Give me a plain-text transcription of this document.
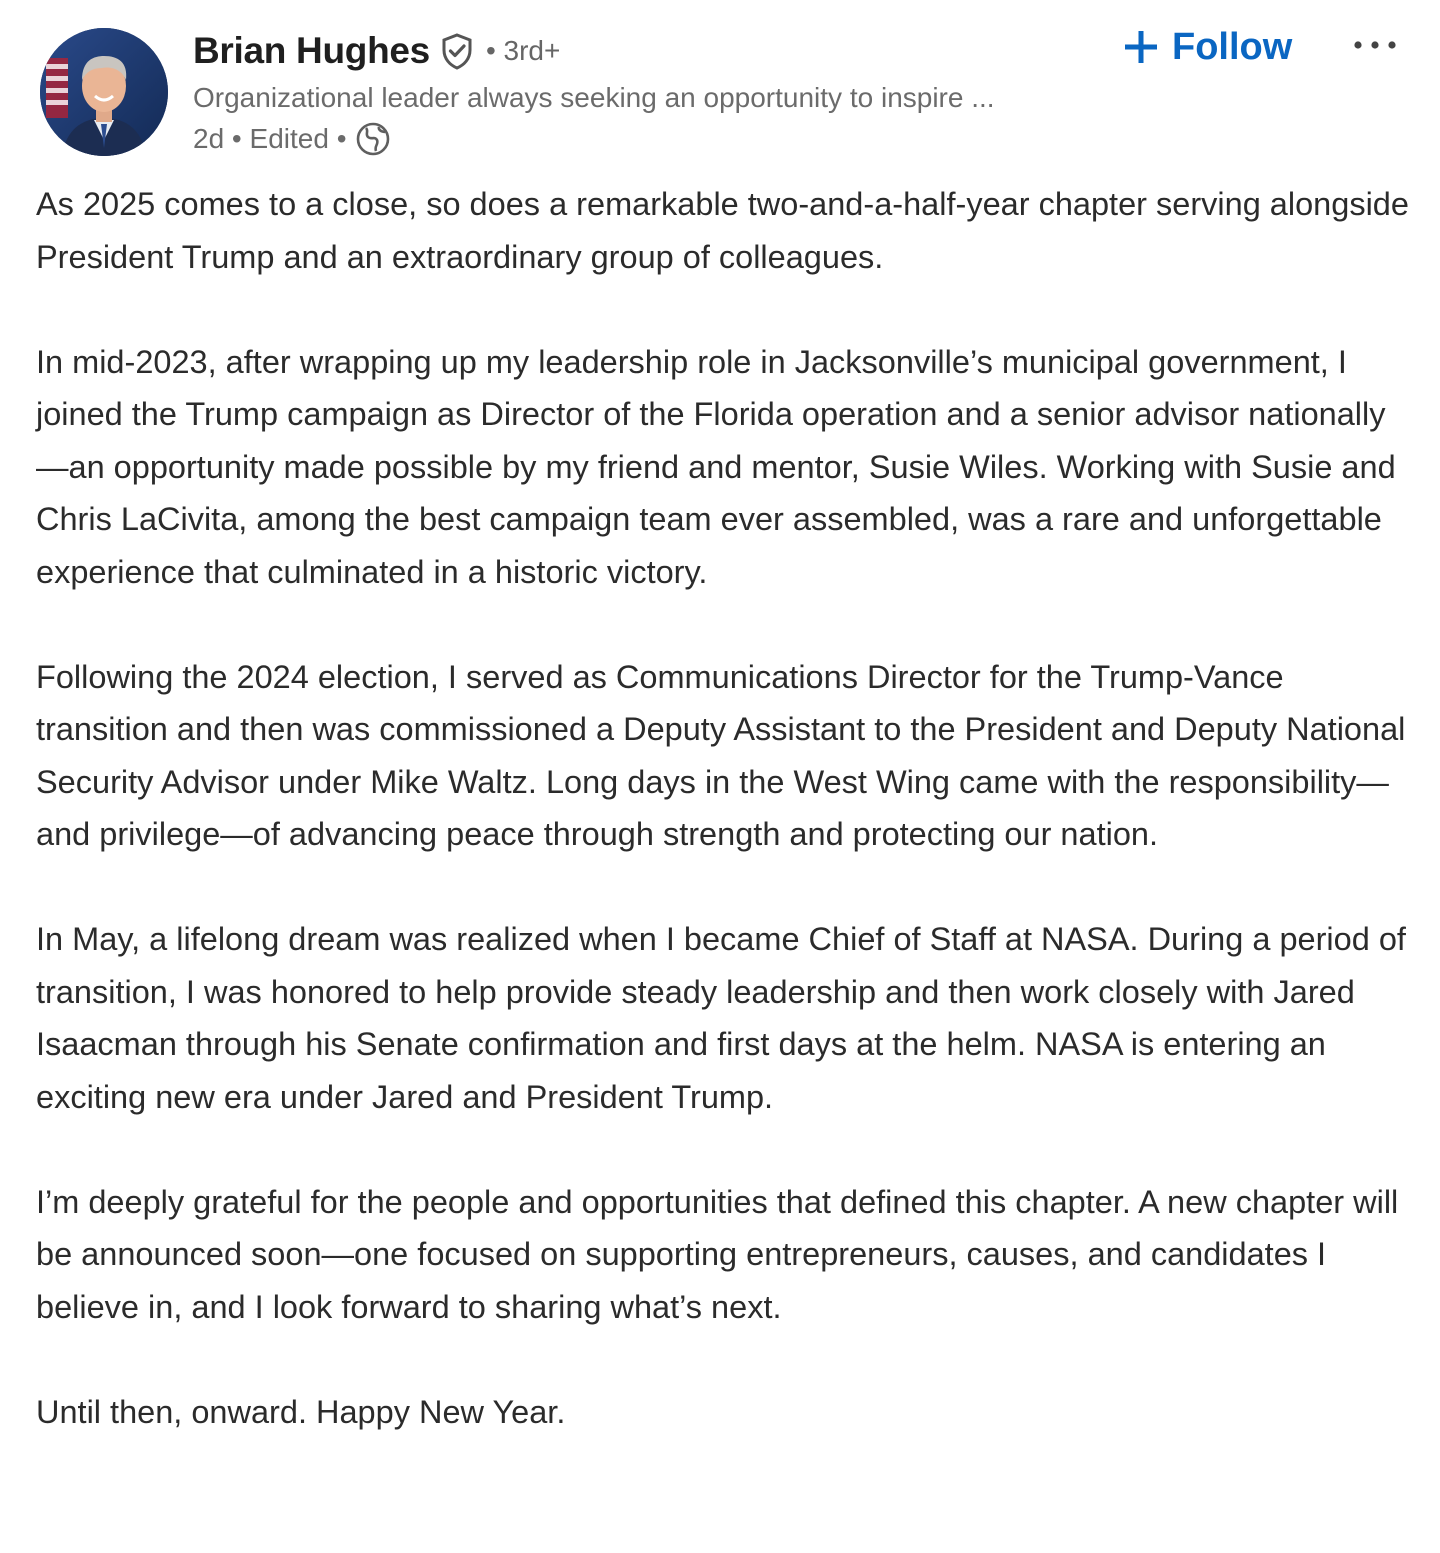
Brian Hughes • 3rd+
Organizational leader always seeking an opportunity to inspire ...
2d • Edited •
Follow

As 2025 comes to a close, so does a remarkable two-and-a-half-year chapter serving alongside President Trump and an extraordinary group of colleagues.

In mid-2023, after wrapping up my leadership role in Jacksonville’s municipal government, I joined the Trump campaign as Director of the Florida operation and a senior advisor nationally—an opportunity made possible by my friend and mentor, Susie Wiles. Working with Susie and Chris LaCivita, among the best campaign team ever assembled, was a rare and unforgettable experience that culminated in a historic victory.

Following the 2024 election, I served as Communications Director for the Trump-Vance transition and then was commissioned a Deputy Assistant to the President and Deputy National Security Advisor under Mike Waltz. Long days in the West Wing came with the responsibility—and privilege—of advancing peace through strength and protecting our nation.

In May, a lifelong dream was realized when I became Chief of Staff at NASA. During a period of transition, I was honored to help provide steady leadership and then work closely with Jared Isaacman through his Senate confirmation and first days at the helm. NASA is entering an exciting new era under Jared and President Trump.

I’m deeply grateful for the people and opportunities that defined this chapter. A new chapter will be announced soon—one focused on supporting entrepreneurs, causes, and candidates I believe in, and I look forward to sharing what’s next.

Until then, onward. Happy New Year.
